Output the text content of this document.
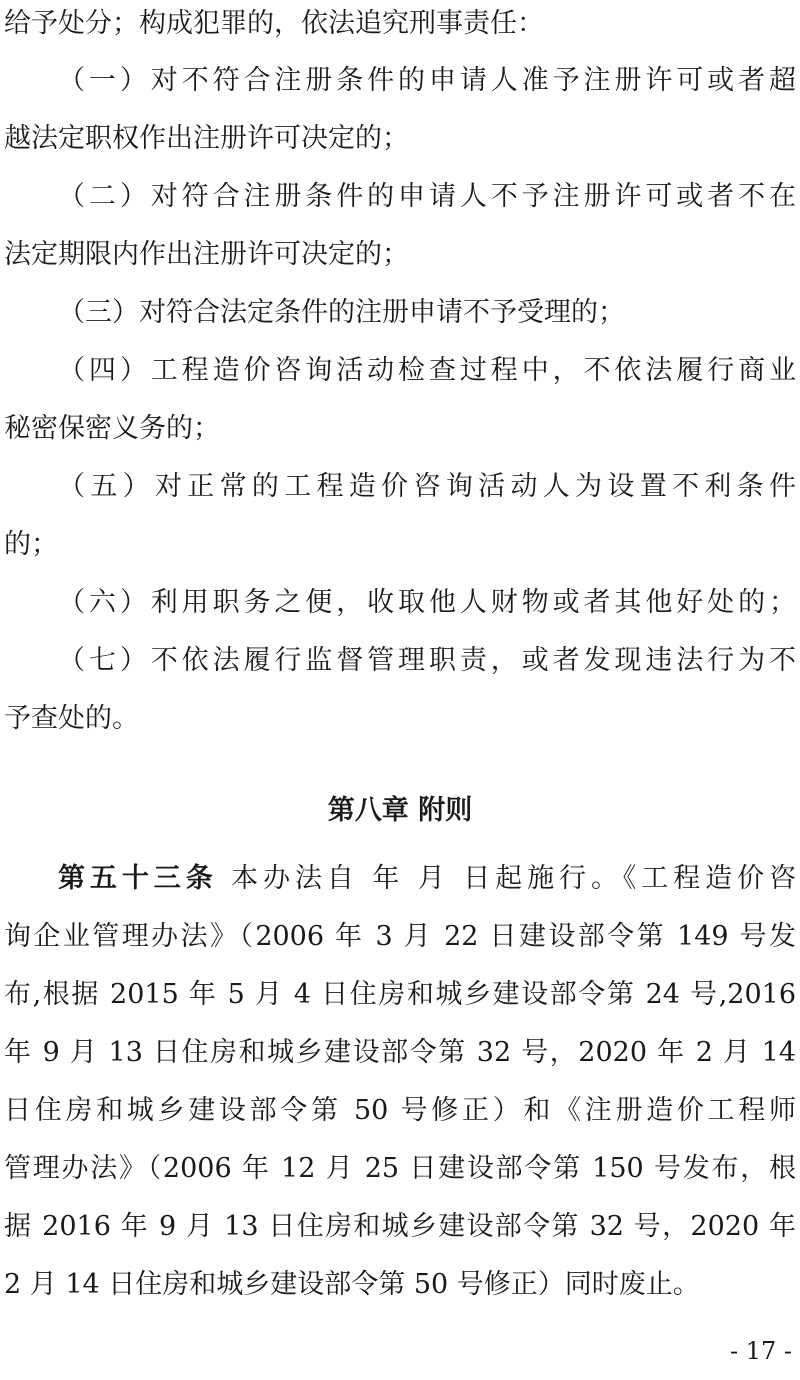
给予处分；构成犯罪的，依法追究刑事责任：
（一）对不符合注册条件的申请人准予注册许可或者超
越法定职权作出注册许可决定的；
（二）对符合注册条件的申请人不予注册许可或者不在
法定期限内作出注册许可决定的；
（三）对符合法定条件的注册申请不予受理的；
（四）工程造价咨询活动检查过程中，不依法履行商业
秘密保密义务的；
（五）对正常的工程造价咨询活动人为设置不利条件
的；
（六）利用职务之便，收取他人财物或者其他好处的；
（七）不依法履行监督管理职责，或者发现违法行为不
予查处的。
第八章 附则
第五十三条 本办法自 年 月 日起施行。《工程造价咨
询企业管理办法》（2006 年 3 月 22 日建设部令第 149 号发
布,根据 2015 年 5 月 4 日住房和城乡建设部令第 24 号,2016
年 9 月 13 日住房和城乡建设部令第 32 号，2020 年 2 月 14
日住房和城乡建设部令第 50 号修正）和《注册造价工程师
管理办法》（2006 年 12 月 25 日建设部令第 150 号发布，根
据 2016 年 9 月 13 日住房和城乡建设部令第 32 号，2020 年
2 月 14 日住房和城乡建设部令第 50 号修正）同时废止。
- 17 -
